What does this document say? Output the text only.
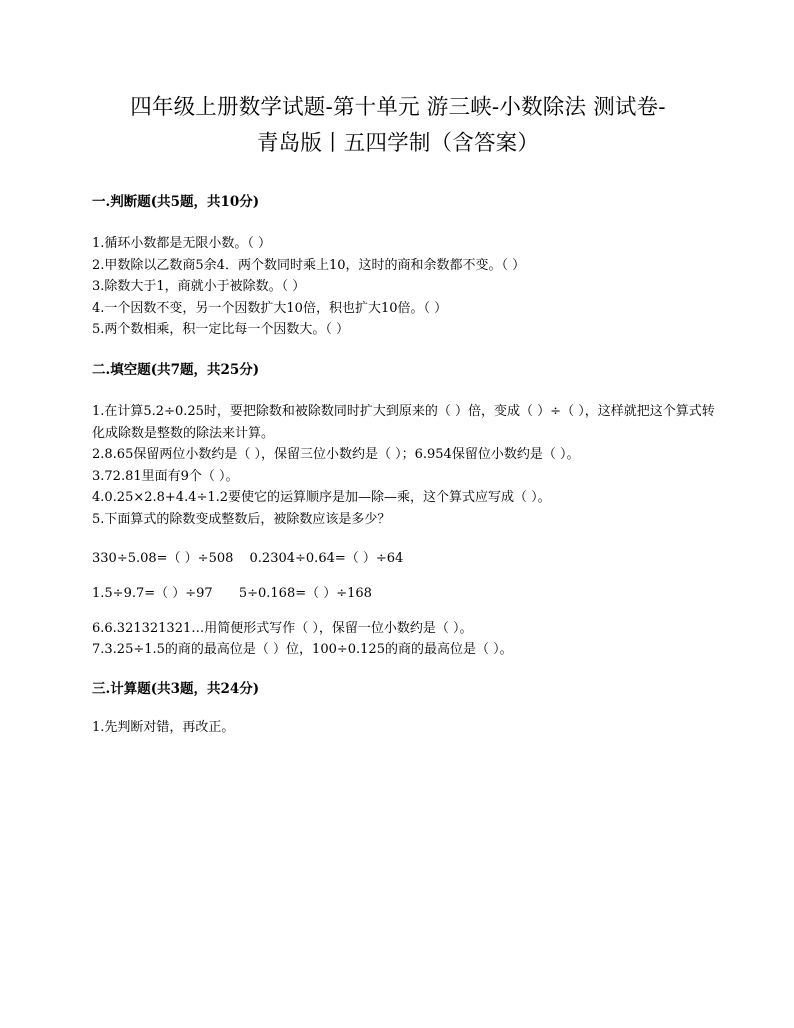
四年级上册数学试题-第十单元 游三峡-小数除法 测试卷-
青岛版丨五四学制（含答案）

一.判断题(共5题，共10分)

1.循环小数都是无限小数。（ ）

2.甲数除以乙数商5余4．两个数同时乘上10，这时的商和余数都不变。（ ）

3.除数大于1，商就小于被除数。（ ）

4.一个因数不变，另一个因数扩大10倍，积也扩大10倍。（ ）

5.两个数相乘，积一定比每一个因数大。（ ）

二.填空题(共7题，共25分)

1.在计算5.2÷0.25时，要把除数和被除数同时扩大到原来的（ ）倍，变成（ ）÷（ ），这样就把这个算式转化成除数是整数的除法来计算。

2.8.65保留两位小数约是（ ），保留三位小数约是（ ）；6.954保留位小数约是（ ）。

3.72.81里面有9个（ ）。

4.0.25×2.8+4.4÷1.2要使它的运算顺序是加—除—乘，这个算式应写成（ ）。

5.下面算式的除数变成整数后，被除数应该是多少？

330÷5.08=（ ）÷508 0.2304÷0.64=（ ）÷64

1.5÷9.7=（ ）÷97 5÷0.168=（ ）÷168

6.6.321321321…用简便形式写作（ ），保留一位小数约是（ ）。

7.3.25÷1.5的商的最高位是（ ）位，100÷0.125的商的最高位是（ ）。

三.计算题(共3题，共24分)

1.先判断对错，再改正。
